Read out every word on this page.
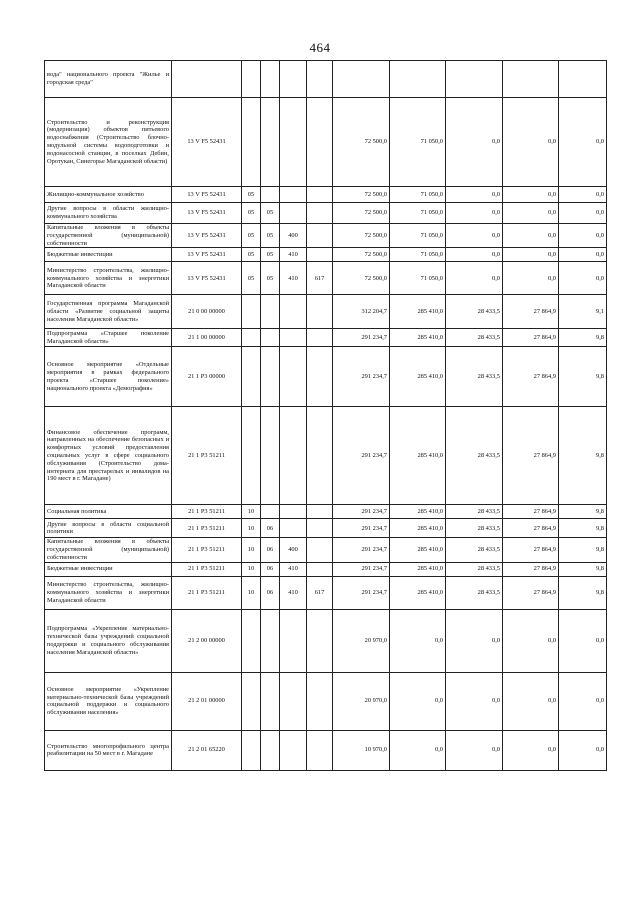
464
вода" национального проекта "Жилье и городская среда"										
Строительство и реконструкция (модернизация) объектов питьевого водоснабжения (Строительство блочно-модульной системы водоподготовки и водонасосной станции, в поселках Дебин, Оротукан, Синегорье Магаданской области)	13 V F5 52431					72 500,0	71 050,0	0,0	0,0	0,0
Жилищно-коммунальное хозяйство	13 V F5 52431	05				72 500,0	71 050,0	0,0	0,0	0,0
Другие вопросы в области жилищно-коммунального хозяйства	13 V F5 52431	05	05			72 500,0	71 050,0	0,0	0,0	0,0
Капитальные вложения в объекты государственной (муниципальной) собственности	13 V F5 52431	05	05	400		72 500,0	71 050,0	0,0	0,0	0,0
Бюджетные инвестиции	13 V F5 52431	05	05	410		72 500,0	71 050,0	0,0	0,0	0,0
Министерство строительства, жилищно-коммунального хозяйства и энергетики Магаданской области	13 V F5 52431	05	05	410	617	72 500,0	71 050,0	0,0	0,0	0,0
Государственная программа Магаданской области «Развитие социальной защиты населения Магаданской области»	21 0 00 00000					312 204,7	285 410,0	28 433,5	27 864,9	9,1
Подпрограмма «Старшее поколение Магаданской области»	21 1 00 00000					291 234,7	285 410,0	28 433,5	27 864,9	9,8
Основное мероприятие «Отдельные мероприятия в рамках федерального проекта «Старшее поколение» национального проекта «Демография»	21 1 P3 00000					291 234,7	285 410,0	28 433,5	27 864,9	9,8
Финансовое обеспечение программ, направленных на обеспечение безопасных и комфортных условий предоставления социальных услуг в сфере социального обслуживания (Строительство дома-интерната для престарелых и инвалидов на 190 мест в г. Магадане)	21 1 P3 51211					291 234,7	285 410,0	28 433,5	27 864,9	9,8
Социальная политика	21 1 P3 51211	10				291 234,7	285 410,0	28 433,5	27 864,9	9,8
Другие вопросы в области социальной политики	21 1 P3 51211	10	06			291 234,7	285 410,0	28 433,5	27 864,9	9,8
Капитальные вложения в объекты государственной (муниципальной) собственности	21 1 P3 51211	10	06	400		291 234,7	285 410,0	28 433,5	27 864,9	9,8
Бюджетные инвестиции	21 1 P3 51211	10	06	410		291 234,7	285 410,0	28 433,5	27 864,9	9,8
Министерство строительства, жилищно-коммунального хозяйства и энергетики Магаданской области	21 1 P3 51211	10	06	410	617	291 234,7	285 410,0	28 433,5	27 864,9	9,8
Подпрограмма «Укрепление материально-технической базы учреждений социальной поддержки и социального обслуживания населения Магаданской области»	21 2 00 00000					20 970,0	0,0	0,0	0,0	0,0
Основное мероприятие «Укрепление материально-технической базы учреждений социальной поддержки и социального обслуживания населения»	21 2 01 00000					20 970,0	0,0	0,0	0,0	0,0
Строительство многопрофильного центра реабилитации на 50 мест в г. Магадане	21 2 01 65220					10 970,0	0,0	0,0	0,0	0,0
